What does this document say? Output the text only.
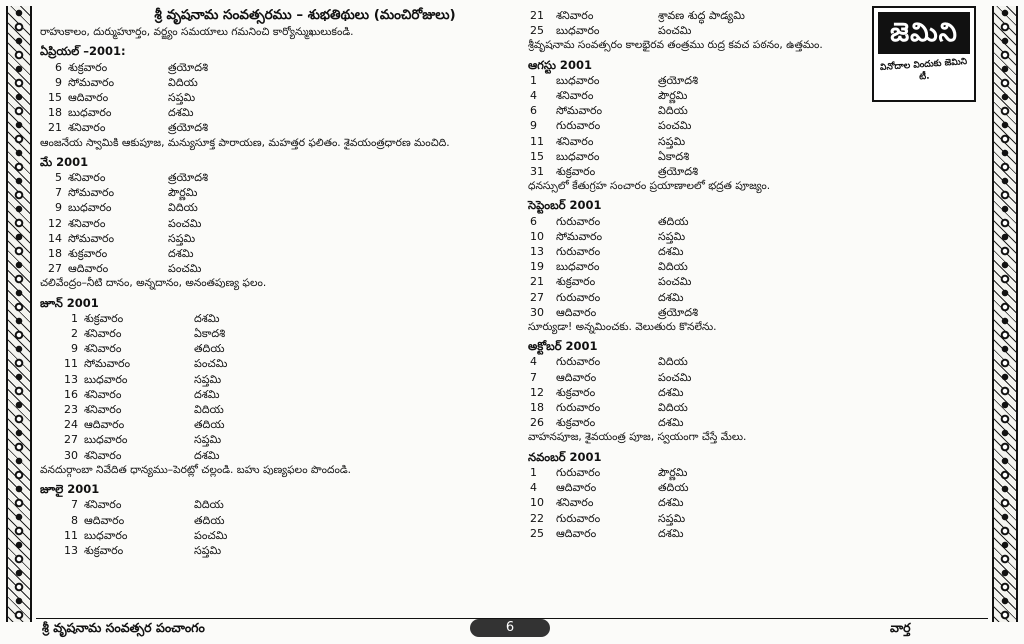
శ్రీ వృషనామ సంవత్సరము – శుభతిథులు (మంచిరోజులు)

రాహుకాలం, దుర్ముహూర్తం, వర్జ్యం సమయాలు గమనించి కార్యోన్ముఖులుకండి.

ఏప్రియల్ –2001:
6 శుక్రవారం	త్రయోదశి
9 సోమవారం	విదియ
15 ఆదివారం	సప్తమి
18 బుధవారం	దశమి
21 శనివారం	త్రయోదశి

ఆంజనేయ స్వామికి ఆకుపూజ, మన్యుసూక్త పారాయణ, మహత్తర ఫలితం. శైవయంత్రధారణ మంచిది.

మే 2001
5 శనివారం	త్రయోదశి
7 సోమవారం	పౌర్ణమి
9 బుధవారం	విదియ
12 శనివారం	పంచమి
14 సోమవారం	సప్తమి
18 శుక్రవారం	దశమి
27 ఆదివారం	పంచమి

చలివేంద్రం–నీటి దానం, అన్నదానం, అనంతపుణ్య ఫలం.

జూన్ 2001
1 శుక్రవారం	దశమి
2 శనివారం	ఏకాదశి
9 శనివారం	తదియ
11 సోమవారం	పంచమి
13 బుధవారం	సప్తమి
16 శనివారం	దశమి
23 శనివారం	విదియ
24 ఆదివారం	తదియ
27 బుధవారం	సప్తమి
30 శనివారం	దశమి

వనదుర్గాంబా నివేదిత ధాన్యము–పెరట్లో చల్లండి. బహు పుణ్యఫలం పొందండి.

జూలై 2001
7 శనివారం	విదియ
8 ఆదివారం	తదియ
11 బుధవారం	పంచమి
13 శుక్రవారం	సప్తమి
21	శనివారం	శ్రావణ శుద్ధ పాడ్యమి
25	బుధవారం	పంచమి

శ్రీవృషనామ సంవత్సరం కాలభైరవ తంత్రము రుద్ర కవచ పఠనం, ఉత్తమం.

ఆగస్టు 2001
1	బుధవారం	త్రయోదశి
4	శనివారం	పౌర్ణమి
6	సోమవారం	విదియ
9	గురువారం	పంచమి
11	శనివారం	సప్తమి
15	బుధవారం	ఏకాదశి
31	శుక్రవారం	త్రయోదశి

ధనస్సులో కేతుగ్రహ సంచారం ప్రయాణాలలో భద్రత పూజ్యం.

సెప్టెంబర్ 2001
6	గురువారం	తదియ
10	సోమవారం	సప్తమి
13	గురువారం	దశమి
19	బుధవారం	విదియ
21	శుక్రవారం	పంచమి
27	గురువారం	దశమి
30	ఆదివారం	త్రయోదశి

సూర్యుడా! అన్నమించకు. వెలుతురు కొనలేను.

అక్టోబర్ 2001
4	గురువారం	విదియ
7	ఆదివారం	పంచమి
12	శుక్రవారం	దశమి
18	గురువారం	విదియ
26	శుక్రవారం	దశమి

వాహనపూజ, శైవయంత్ర పూజ, స్వయంగా చేస్తే మేలు.

నవంబర్ 2001
1	గురువారం	పౌర్ణమి
4	ఆదివారం	తదియ
10	శనివారం	దశమి
22	గురువారం	సప్తమి
25	ఆదివారం	దశమి
జెమిని
వినోదాల విందుకు జెమిని టీ.
శ్రీ వృషనామ సంవత్సర పంచాంగం	6	వార్త
